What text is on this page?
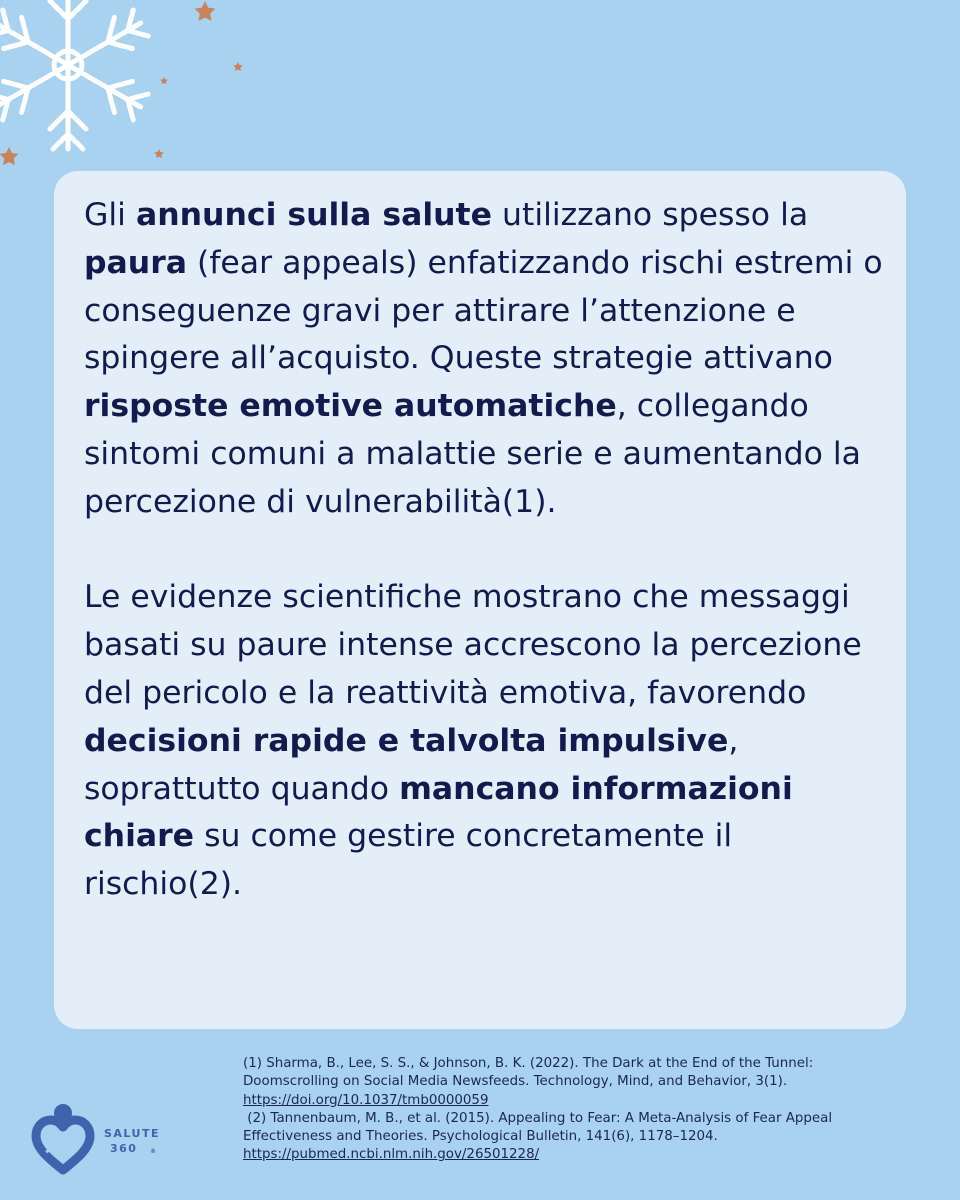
Gli annunci sulla salute utilizzano spesso la paura (fear appeals) enfatizzando rischi estremi o conseguenze gravi per attirare l’attenzione e spingere all’acquisto. Queste strategie attivano risposte emotive automatiche, collegando sintomi comuni a malattie serie e aumentando la percezione di vulnerabilità(1).

Le evidenze scientifiche mostrano che messaggi basati su paure intense accrescono la percezione del pericolo e la reattività emotiva, favorendo decisioni rapide e talvolta impulsive, soprattutto quando mancano informazioni chiare su come gestire concretamente il rischio(2).

SALUTE
360 ®
(1) Sharma, B., Lee, S. S., & Johnson, B. K. (2022). The Dark at the End of the Tunnel:
Doomscrolling on Social Media Newsfeeds. Technology, Mind, and Behavior, 3(1).
https://doi.org/10.1037/tmb0000059
(2) Tannenbaum, M. B., et al. (2015). Appealing to Fear: A Meta-Analysis of Fear Appeal
Effectiveness and Theories. Psychological Bulletin, 141(6), 1178–1204.
https://pubmed.ncbi.nlm.nih.gov/26501228/
